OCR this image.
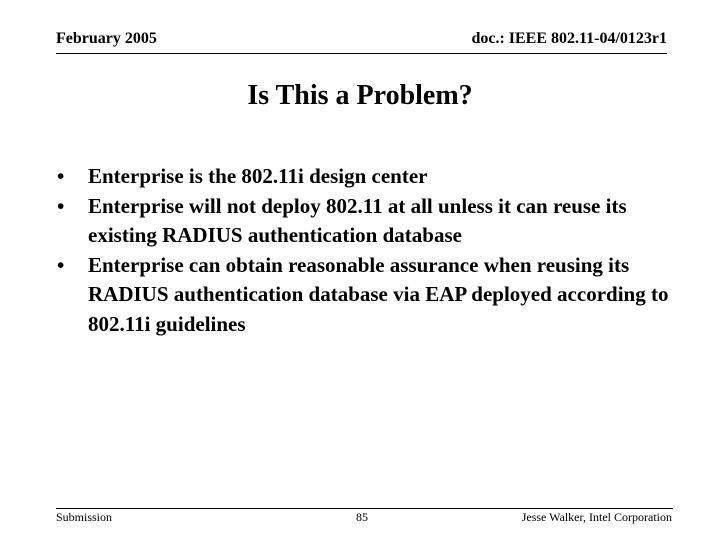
February 2005	doc.: IEEE 802.11-04/0123r1
Is This a Problem?
•	Enterprise is the 802.11i design center
•	Enterprise will not deploy 802.11 at all unless it can reuse its existing RADIUS authentication database
•	Enterprise can obtain reasonable assurance when reusing its RADIUS authentication database via EAP deployed according to 802.11i guidelines
Submission	85	Jesse Walker, Intel Corporation
